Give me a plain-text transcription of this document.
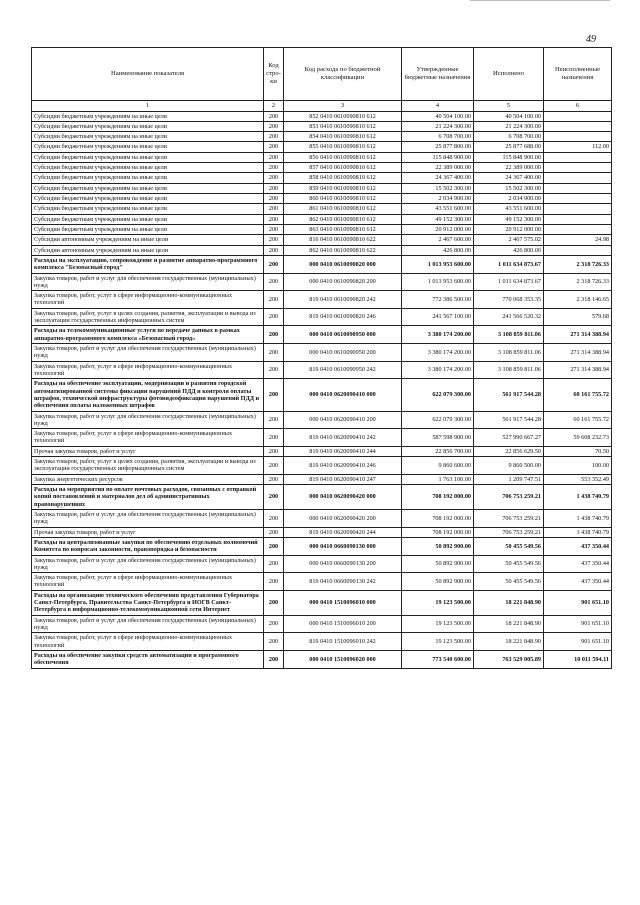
49
Наименование показателя	Код стро-ки	Код расхода по бюджетной классификации	Утвержденные бюджетные назначения	Исполнено	Неисполненные назначения
1	2	3	4	5	6
Субсидии бюджетным учреждениям на иные цели	200	852 0410 0610090810 612	40 504 100.00	40 504 100.00	
Субсидии бюджетным учреждениям на иные цели	200	853 0410 0610090810 612	21 224 300.00	21 224 300.00	
Субсидии бюджетным учреждениям на иные цели	200	854 0410 0610090810 612	6 708 700.00	6 708 700.00	
Субсидии бюджетным учреждениям на иные цели	200	855 0410 0610090810 612	25 877 800.00	25 877 688.00	112.00
Субсидии бюджетным учреждениям на иные цели	200	856 0410 0610090810 612	115 848 900.00	115 848 900.00	
Субсидии бюджетным учреждениям на иные цели	200	857 0410 0610090810 612	22 389 000.00	22 389 000.00	
Субсидии бюджетным учреждениям на иные цели	200	858 0410 0610090810 612	24 367 400.00	24 367 400.00	
Субсидии бюджетным учреждениям на иные цели	200	859 0410 0610090810 612	15 502 300.00	15 502 300.00	
Субсидии бюджетным учреждениям на иные цели	200	860 0410 0610090810 612	2 034 900.00	2 034 900.00	
Субсидии бюджетным учреждениям на иные цели	200	861 0410 0610090810 612	43 551 600.00	43 551 600.00	
Субсидии бюджетным учреждениям на иные цели	200	862 0410 0610090810 612	49 152 300.00	49 152 300.00	
Субсидии бюджетным учреждениям на иные цели	200	863 0410 0610090810 612	20 912 000.00	20 912 000.00	
Субсидии автономным учреждениям на иные цели	200	816 0410 0610090810 622	2 467 600.00	2 467 575.02	24.98
Субсидии автономным учреждениям на иные цели	200	862 0410 0610090810 622	426 800.00	426 800.00	
Расходы на эксплуатацию, сопровождение и развитие аппаратно-программного комплекса "Безопасный город"	200	000 0410 0610090820 000	1 013 953 600.00	1 011 634 873.67	2 318 726.33
Закупка товаров, работ и услуг для обеспечения государственных (муниципальных) нужд	200	000 0410 0610090820 200	1 013 953 600.00	1 011 634 873.67	2 318 726.33
Закупка товаров, работ, услуг в сфере информационно-коммуникационных технологий	200	819 0410 0610090820 242	772 386 500.00	770 068 353.35	2 318 146.65
Закупка товаров, работ, услуг в целях создания, развития, эксплуатации и вывода из эксплуатации государственных информационных систем	200	819 0410 0610090820 246	241 567 100.00	241 566 520.32	579.68
Расходы на телекоммуникационные услуги по передаче данных в рамках аппаратно-программного комплекса «Безопасный город»	200	000 0410 0610090950 000	3 380 174 200.00	3 108 859 811.06	271 314 388.94
Закупка товаров, работ и услуг для обеспечения государственных (муниципальных) нужд	200	000 0410 0610090950 200	3 380 174 200.00	3 108 859 811.06	271 314 388.94
Закупка товаров, работ, услуг в сфере информационно-коммуникационных технологий	200	819 0410 0610090950 242	3 380 174 200.00	3 108 859 811.06	271 314 388.94
Расходы на обеспечение эксплуатации, модернизации и развития городской автоматизированной системы фиксации нарушений ПДД и контроля оплаты штрафов, технической инфраструктуры фотовидеофиксации нарушений ПДД и обеспечения оплаты наложенных штрафов	200	000 0410 0620090410 000	622 079 300.00	561 917 544.28	60 161 755.72
Закупка товаров, работ и услуг для обеспечения государственных (муниципальных) нужд	200	000 0410 0620090410 200	622 079 300.00	561 917 544.28	60 161 755.72
Закупка товаров, работ, услуг в сфере информационно-коммуникационных технологий	200	819 0410 0620090410 242	587 598 900.00	527 990 667.27	59 608 232.73
Прочая закупка товаров, работ и услуг	200	819 0410 0620090410 244	22 856 700.00	22 856 629.50	70.50
Закупка товаров, работ, услуг в целях создания, развития, эксплуатации и вывода из эксплуатации государственных информационных систем	200	819 0410 0620090410 246	9 860 600.00	9 860 500.00	100.00
Закупка энергетических ресурсов	200	819 0410 0620090410 247	1 763 100.00	1 209 747.51	553 352.49
Расходы на мероприятия по оплате почтовых расходов, связанных с отправкой копий постановлений и материалов дел об административных правонарушениях	200	000 0410 0620090420 000	708 192 000.00	706 753 259.21	1 438 740.79
Закупка товаров, работ и услуг для обеспечения государственных (муниципальных) нужд	200	000 0410 0620090420 200	708 192 000.00	706 753 259.21	1 438 740.79
Прочая закупка товаров, работ и услуг	200	819 0410 0620090420 244	708 192 000.00	706 753 259.21	1 438 740.79
Расходы на централизованные закупки по обеспечению отдельных полномочий Комитета по вопросам законности, правопорядка и безопасности	200	000 0410 0660090130 000	50 892 900.00	50 455 549.56	437 350.44
Закупка товаров, работ и услуг для обеспечения государственных (муниципальных) нужд	200	000 0410 0660090130 200	50 892 900.00	50 455 549.56	437 350.44
Закупка товаров, работ, услуг в сфере информационно-коммуникационных технологий	200	819 0410 0660090130 242	50 892 900.00	50 455 549.56	437 350.44
Расходы на организацию технического обеспечения представления Губернатора Санкт-Петербурга, Правительства Санкт-Петербурга и ИОГВ Санкт-Петербурга в информационно-телекоммуникационной сети Интернет	200	000 0410 1510096010 000	19 123 500.00	18 221 848.90	901 651.10
Закупка товаров, работ и услуг для обеспечения государственных (муниципальных) нужд	200	000 0410 1510096010 200	19 123 500.00	18 221 848.90	901 651.10
Закупка товаров, работ, услуг в сфере информационно-коммуникационных технологий	200	819 0410 1510096010 242	19 123 500.00	18 221 848.90	901 651.10
Расходы на обеспечение закупки средств автоматизации и программного обеспечения	200	000 0410 1510096020 000	773 540 600.00	763 529 005.89	10 011 594.11
